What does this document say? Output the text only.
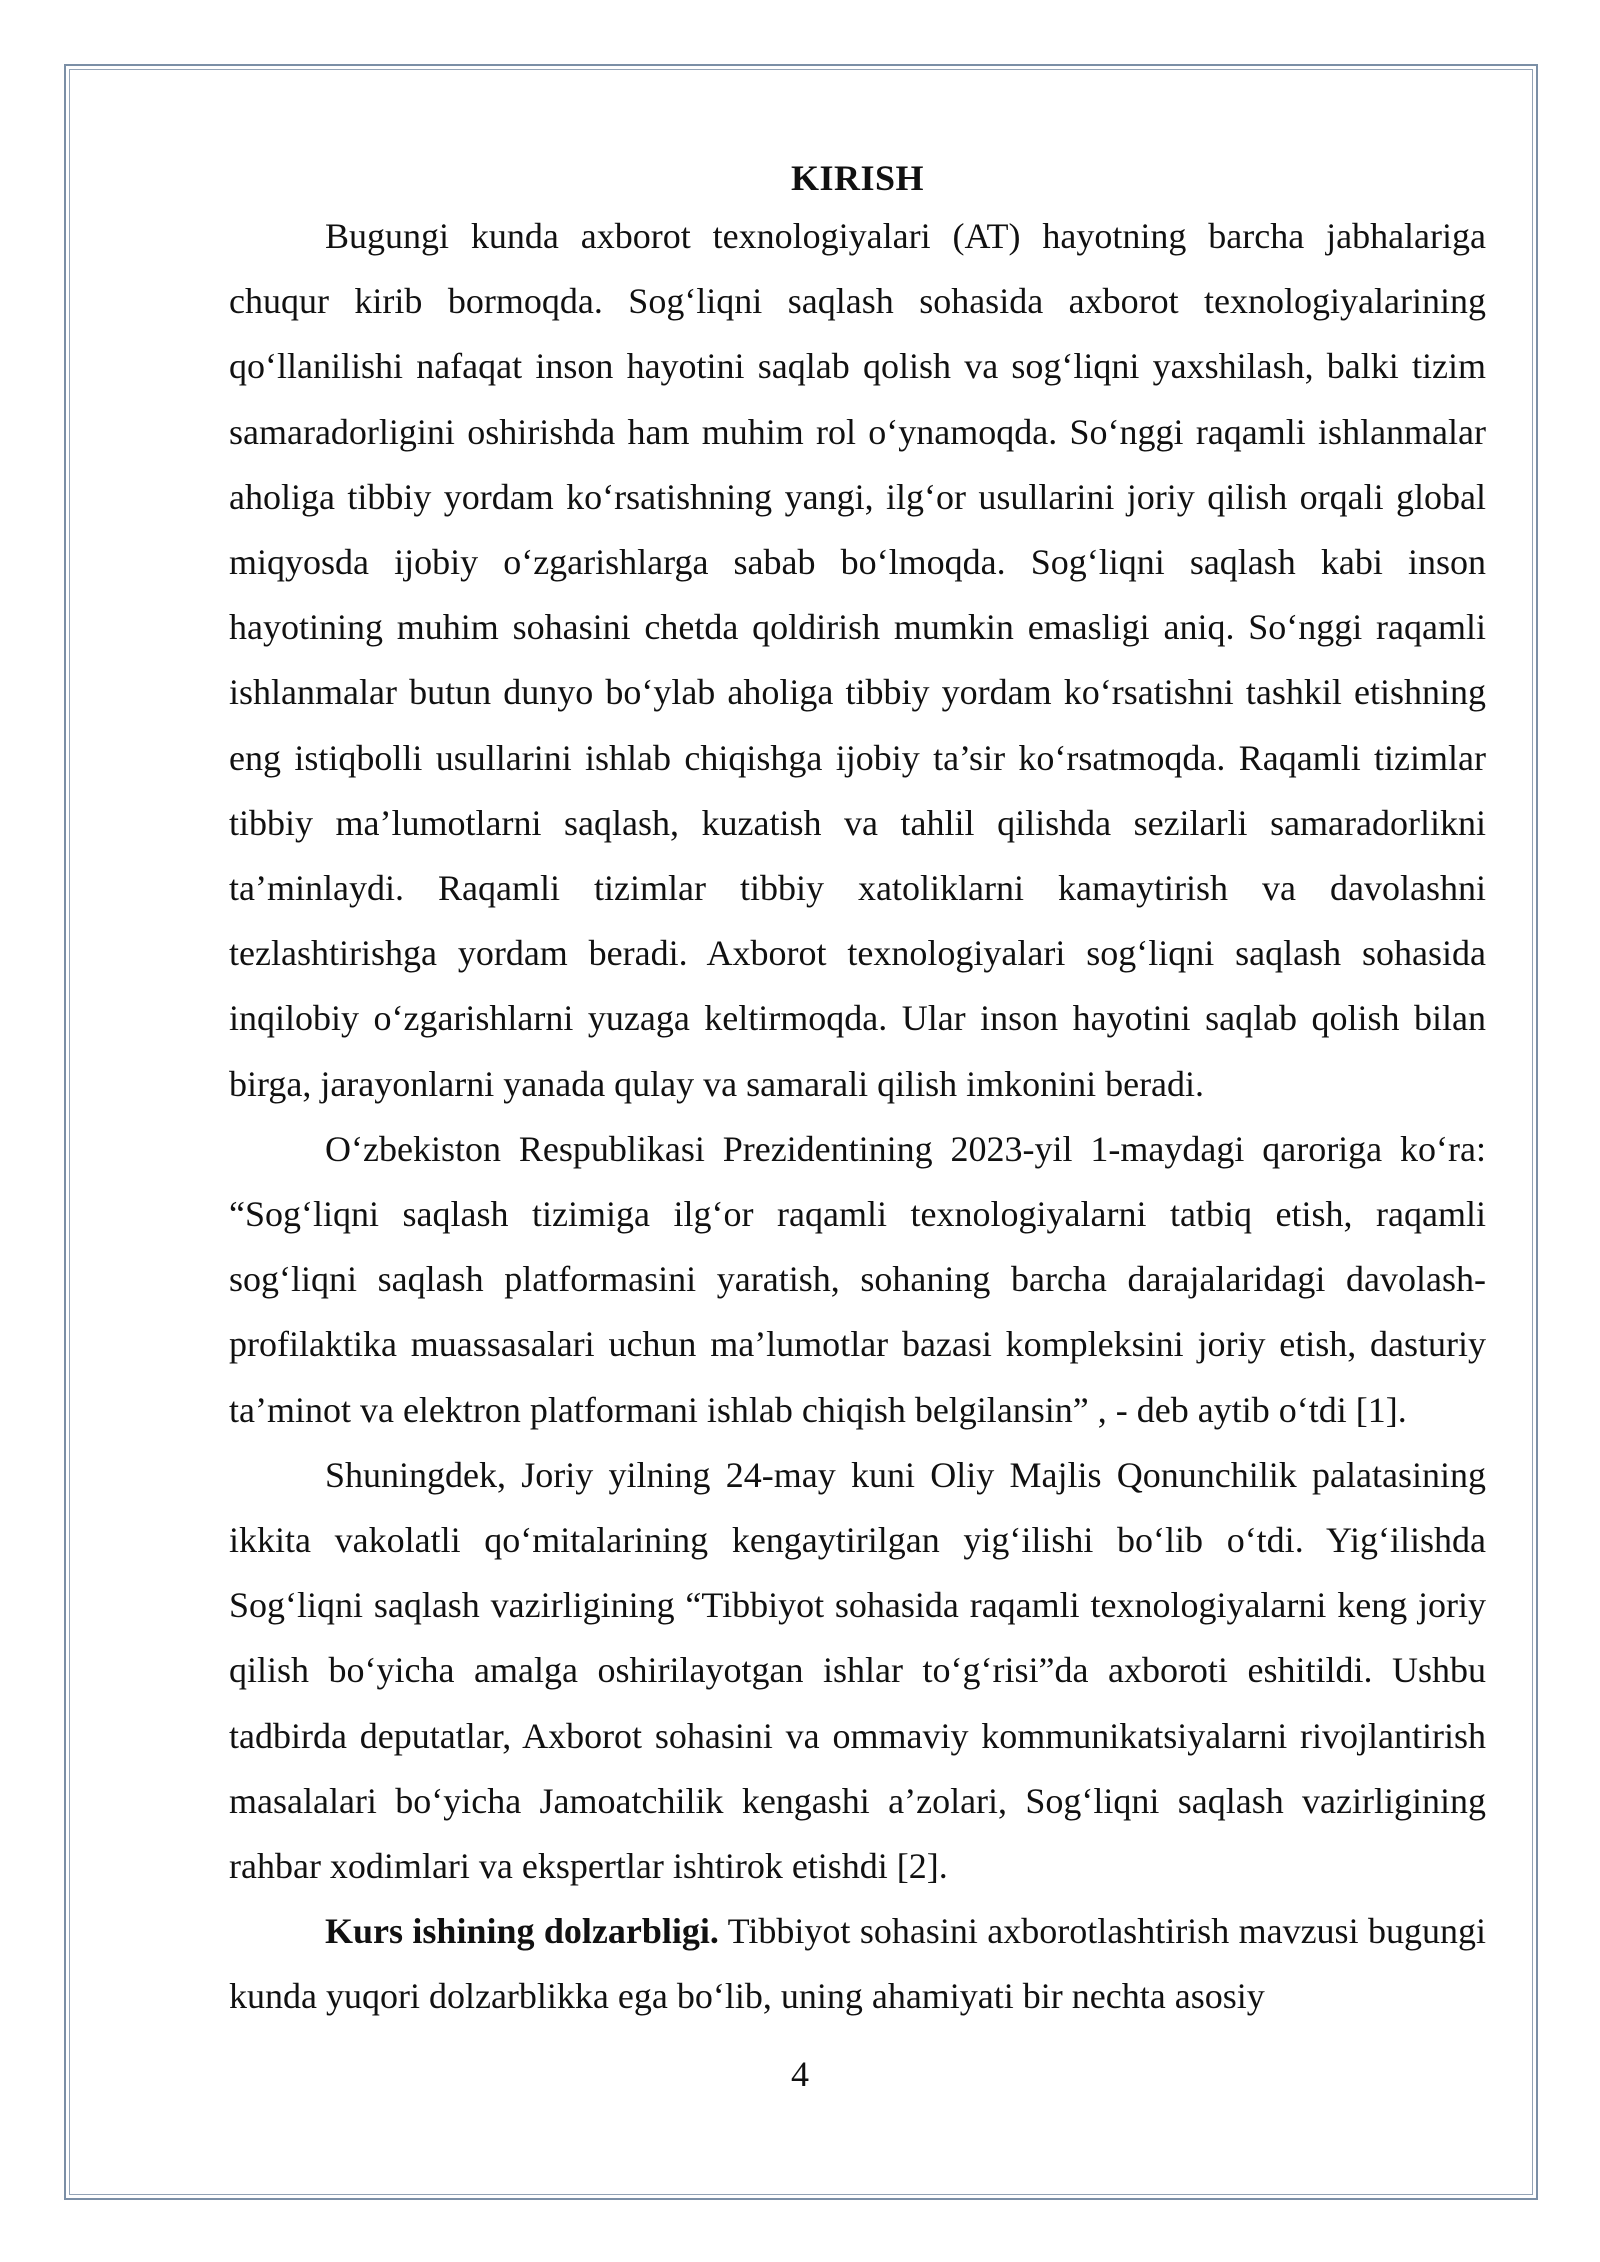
KIRISH

Bugungi kunda axborot texnologiyalari (AT) hayotning barcha jabhalariga chuqur kirib bormoqda. Sog‘liqni saqlash sohasida axborot texnologiyalarining qo‘llanilishi nafaqat inson hayotini saqlab qolish va sog‘liqni yaxshilash, balki tizim samaradorligini oshirishda ham muhim rol o‘ynamoqda. So‘nggi raqamli ishlanmalar aholiga tibbiy yordam ko‘rsatishning yangi, ilg‘or usullarini joriy qilish orqali global miqyosda ijobiy o‘zgarishlarga sabab bo‘lmoqda. Sog‘liqni saqlash kabi inson hayotining muhim sohasini chetda qoldirish mumkin emasligi aniq. So‘nggi raqamli ishlanmalar butun dunyo bo‘ylab aholiga tibbiy yordam ko‘rsatishni tashkil etishning eng istiqbolli usullarini ishlab chiqishga ijobiy ta’sir ko‘rsatmoqda. Raqamli tizimlar tibbiy ma’lumotlarni saqlash, kuzatish va tahlil qilishda sezilarli samaradorlikni ta’minlaydi. Raqamli tizimlar tibbiy xatoliklarni kamaytirish va davolashni tezlashtirishga yordam beradi. Axborot texnologiyalari sog‘liqni saqlash sohasida inqilobiy o‘zgarishlarni yuzaga keltirmoqda. Ular inson hayotini saqlab qolish bilan birga, jarayonlarni yanada qulay va samarali qilish imkonini beradi.

O‘zbekiston Respublikasi Prezidentining 2023-yil 1-maydagi qaroriga ko‘ra: “Sog‘liqni saqlash tizimiga ilg‘or raqamli texnologiyalarni tatbiq etish, raqamli sog‘liqni saqlash platformasini yaratish, sohaning barcha darajalaridagi davolash-profilaktika muassasalari uchun ma’lumotlar bazasi kompleksini joriy etish, dasturiy ta’minot va elektron platformani ishlab chiqish belgilansin” , - deb aytib o‘tdi [1].

Shuningdek, Joriy yilning 24-may kuni Oliy Majlis Qonunchilik palatasining ikkita vakolatli qo‘mitalarining kengaytirilgan yig‘ilishi bo‘lib o‘tdi. Yig‘ilishda Sog‘liqni saqlash vazirligining “Tibbiyot sohasida raqamli texnologiyalarni keng joriy qilish bo‘yicha amalga oshirilayotgan ishlar to‘g‘risi”da axboroti eshitildi. Ushbu tadbirda deputatlar, Axborot sohasini va ommaviy kommunikatsiyalarni rivojlantirish masalalari bo‘yicha Jamoatchilik kengashi a’zolari, Sog‘liqni saqlash vazirligining rahbar xodimlari va ekspertlar ishtirok etishdi [2].

Kurs ishining dolzarbligi. Tibbiyot sohasini axborotlashtirish mavzusi bugungi kunda yuqori dolzarblikka ega bo‘lib, uning ahamiyati bir nechta asosiy

4
